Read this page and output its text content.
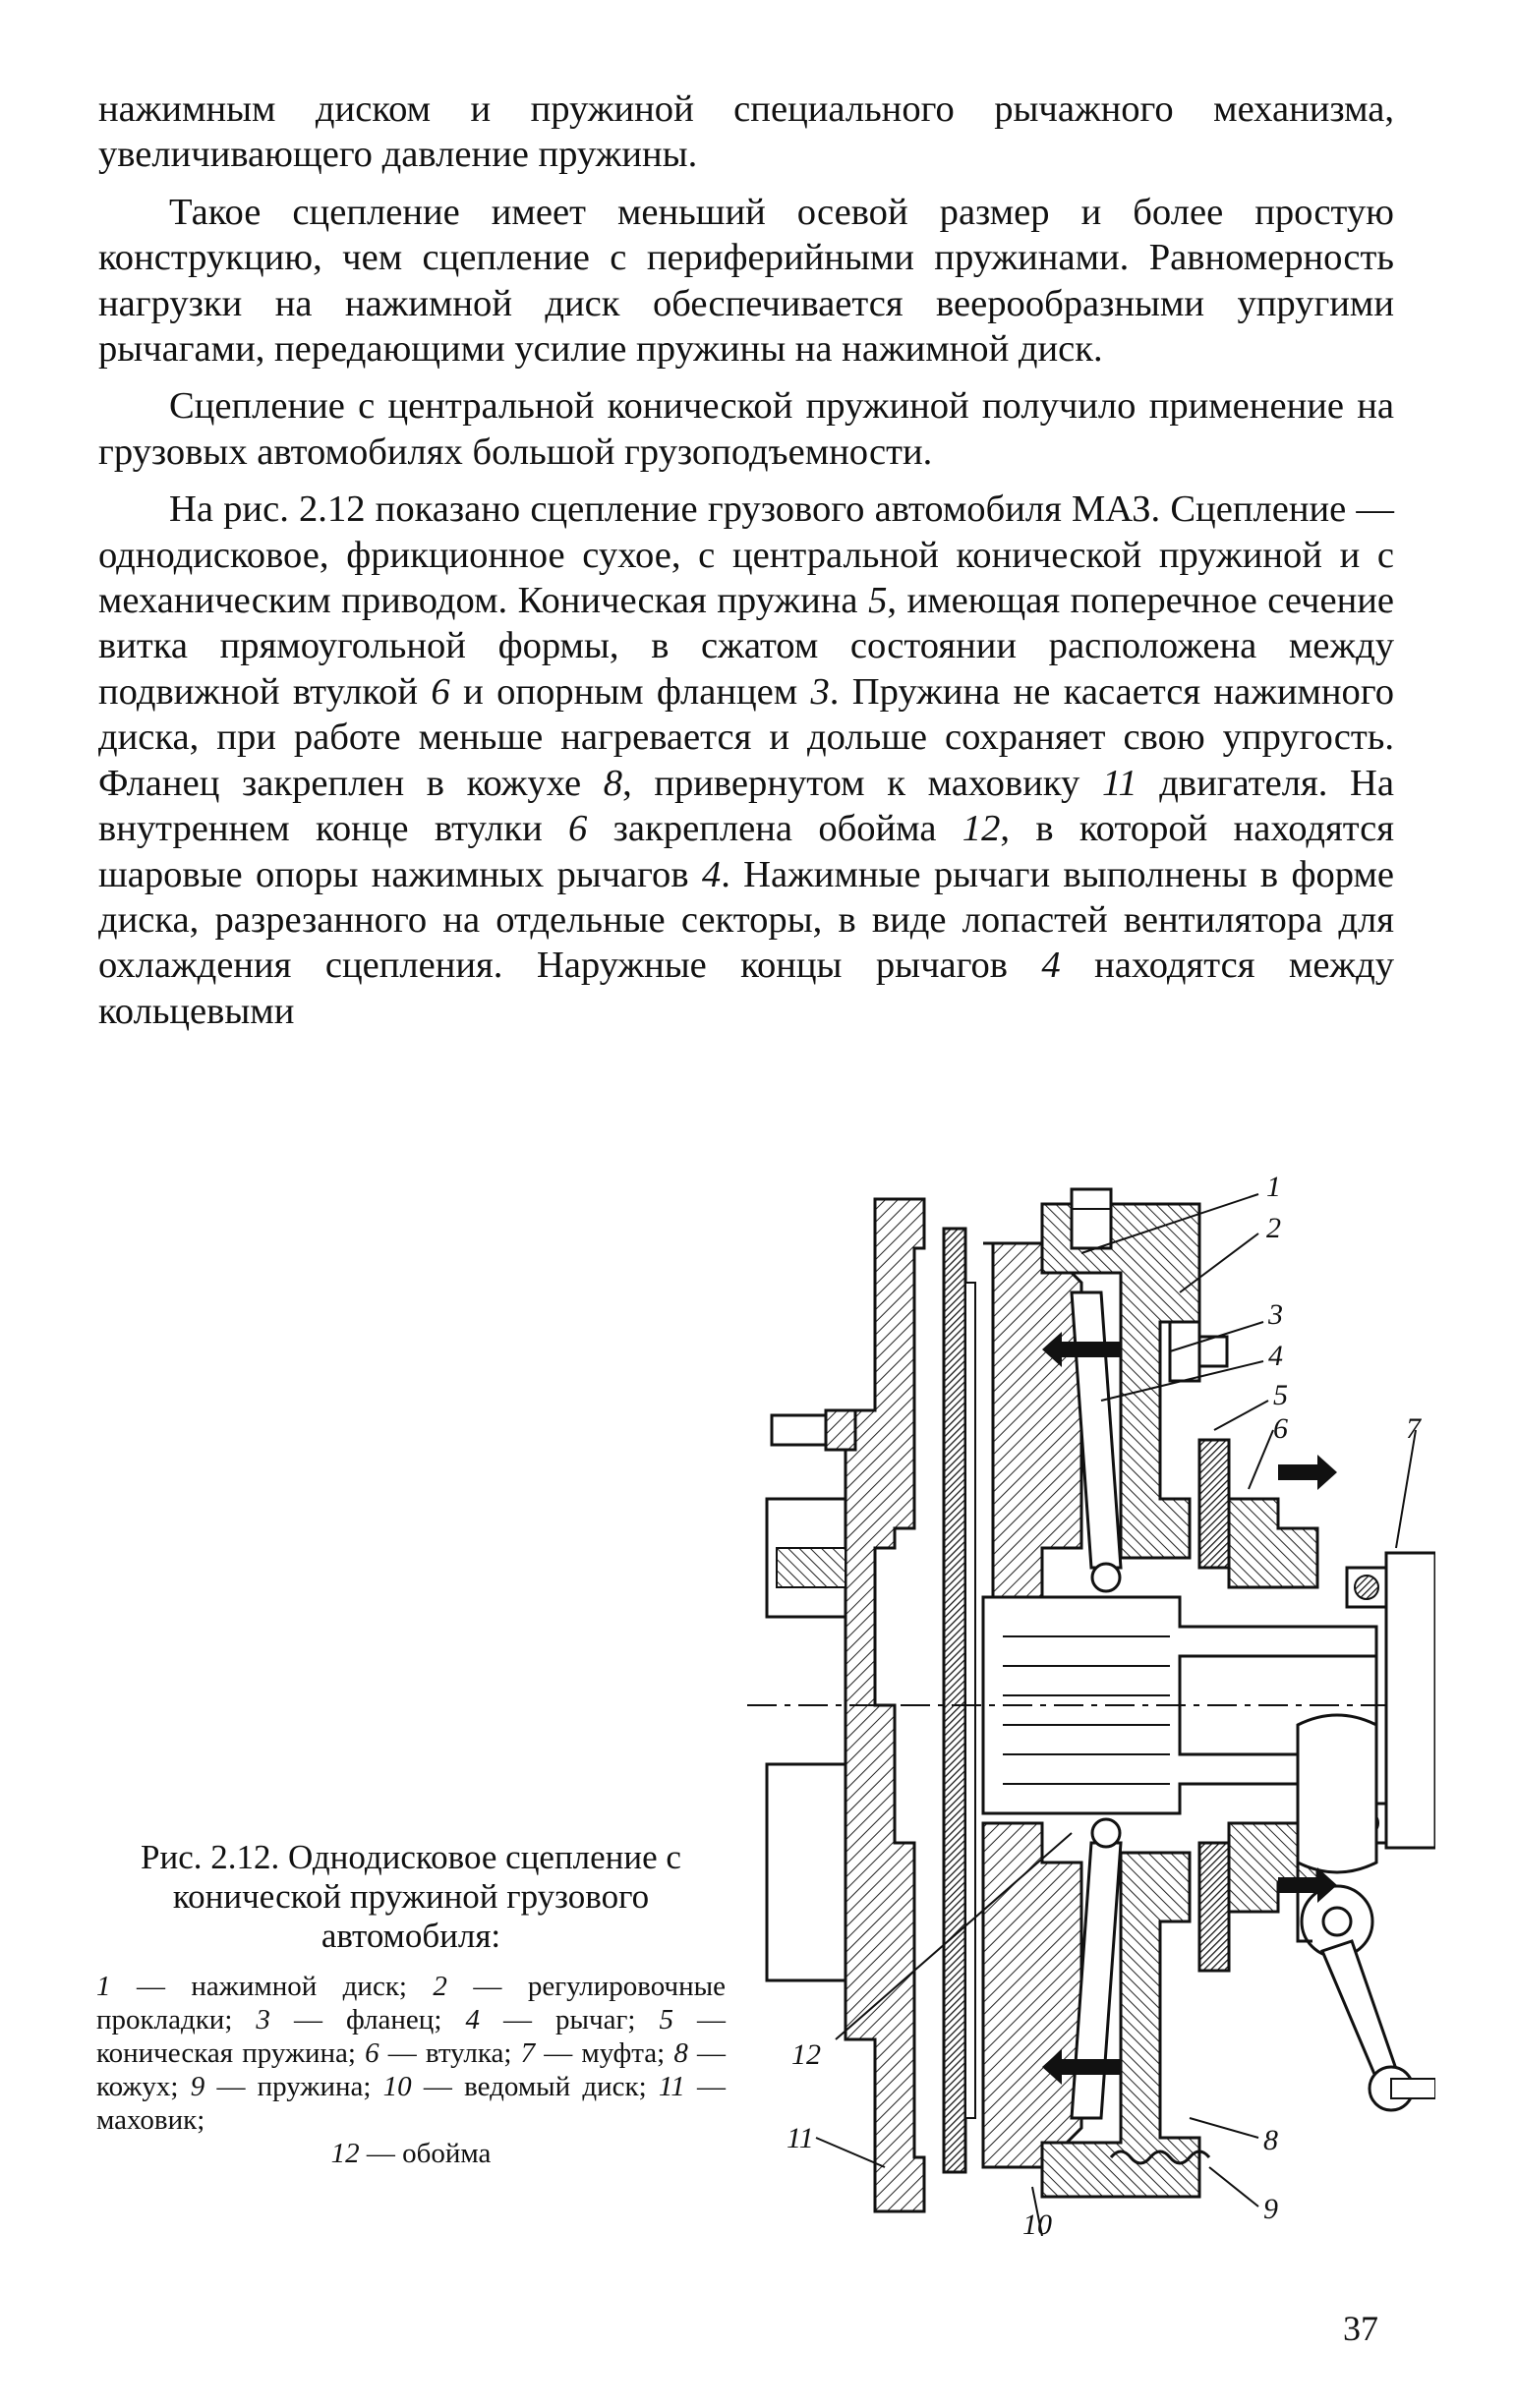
нажимным диском и пружиной специального рычажного механизма, увеличивающего давление пружины.

Такое сцепление имеет меньший осевой размер и более простую конструкцию, чем сцепление с периферийными пружинами. Равномерность нагрузки на нажимной диск обеспечивается веерообразными упругими рычагами, передающими усилие пружины на нажимной диск.

Сцепление с центральной конической пружиной получило применение на грузовых автомобилях большой грузоподъемности.

На рис. 2.12 показано сцепление грузового автомобиля МАЗ. Сцепление — однодисковое, фрикционное сухое, с центральной конической пружиной и с механическим приводом. Коническая пружина 5, имеющая поперечное сечение витка прямоугольной формы, в сжатом состоянии расположена между подвижной втулкой 6 и опорным фланцем 3. Пружина не касается нажимного диска, при работе меньше нагревается и дольше сохраняет свою упругость. Фланец закреплен в кожухе 8, привернутом к маховику 11 двигателя. На внутреннем конце втулки 6 закреплена обойма 12, в которой находятся шаровые опоры нажимных рычагов 4. Нажимные рычаги выполнены в форме диска, разрезанного на отдельные секторы, в виде лопастей вентилятора для охлаждения сцепления. Наружные концы рычагов 4 находятся между кольцевыми

1
2
3
4
5
6	7
8
9
10
11
12
Рис. 2.12. Однодисковое сцепление с конической пружиной грузового автомобиля:
1 — нажимной диск; 2 — регулировочные прокладки; 3 — фланец; 4 — рычаг; 5 — коническая пружина; 6 — втулка; 7 — муфта; 8 — кожух; 9 — пружина; 10 — ведомый диск; 11 — маховик;
12 — обойма
37
